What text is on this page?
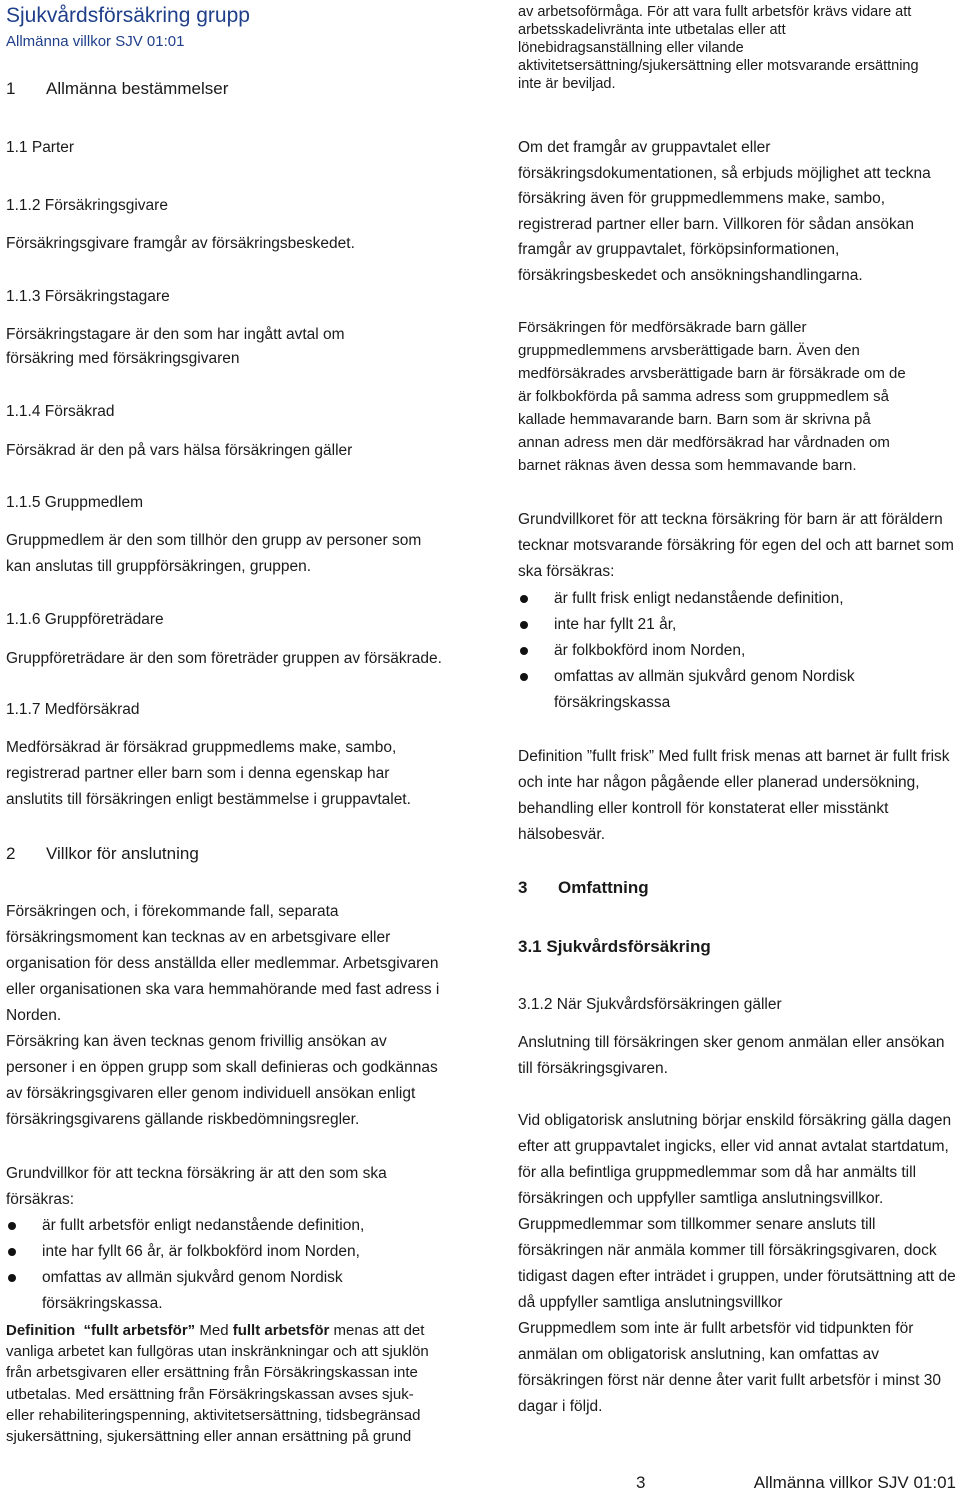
Sjukvårdsförsäkring grupp
Allmänna villkor SJV 01:01
1 Allmänna bestämmelser
1.1 Parter
1.1.2 Försäkringsgivare
Försäkringsgivare framgår av försäkringsbeskedet.
1.1.3 Försäkringstagare
Försäkringstagare är den som har ingått avtal om
försäkring med försäkringsgivaren
1.1.4 Försäkrad
Försäkrad är den på vars hälsa försäkringen gäller
1.1.5 Gruppmedlem
Gruppmedlem är den som tillhör den grupp av personer som
kan anslutas till gruppförsäkringen, gruppen.
1.1.6 Gruppföreträdare
Gruppföreträdare är den som företräder gruppen av försäkrade.
1.1.7 Medförsäkrad
Medförsäkrad är försäkrad gruppmedlems make, sambo,
registrerad partner eller barn som i denna egenskap har
anslutits till försäkringen enligt bestämmelse i gruppavtalet.
2 Villkor för anslutning
Försäkringen och, i förekommande fall, separata
försäkringsmoment kan tecknas av en arbetsgivare eller
organisation för dess anställda eller medlemmar. Arbetsgivaren
eller organisationen ska vara hemmahörande med fast adress i
Norden.
Försäkring kan även tecknas genom frivillig ansökan av
personer i en öppen grupp som skall definieras och godkännas
av försäkringsgivaren eller genom individuell ansökan enligt
försäkringsgivarens gällande riskbedömningsregler.
Grundvillkor för att teckna försäkring är att den som ska
försäkras:
är fullt arbetsför enligt nedanstående definition,
inte har fyllt 66 år, är folkbokförd inom Norden,
omfattas av allmän sjukvård genom Nordisk
försäkringskassa.
Definition “fullt arbetsför” Med fullt arbetsför menas att det
vanliga arbetet kan fullgöras utan inskränkningar och att sjuklön
från arbetsgivaren eller ersättning från Försäkringskassan inte
utbetalas. Med ersättning från Försäkringskassan avses sjuk-
eller rehabiliteringspenning, aktivitetsersättning, tidsbegränsad
sjukersättning, sjukersättning eller annan ersättning på grund
av arbetsoförmåga. För att vara fullt arbetsför krävs vidare att
arbetsskadelivränta inte utbetalas eller att
lönebidragsanställning eller vilande
aktivitetsersättning/sjukersättning eller motsvarande ersättning
inte är beviljad.
Om det framgår av gruppavtalet eller
försäkringsdokumentationen, så erbjuds möjlighet att teckna
försäkring även för gruppmedlemmens make, sambo,
registrerad partner eller barn. Villkoren för sådan ansökan
framgår av gruppavtalet, förköpsinformationen,
försäkringsbeskedet och ansökningshandlingarna.
Försäkringen för medförsäkrade barn gäller
gruppmedlemmens arvsberättigade barn. Även den
medförsäkrades arvsberättigade barn är försäkrade om de
är folkbokförda på samma adress som gruppmedlem så
kallade hemmavarande barn. Barn som är skrivna på
annan adress men där medförsäkrad har vårdnaden om
barnet räknas även dessa som hemmavande barn.
Grundvillkoret för att teckna försäkring för barn är att föräldern
tecknar motsvarande försäkring för egen del och att barnet som
ska försäkras:
är fullt frisk enligt nedanstående definition,
inte har fyllt 21 år,
är folkbokförd inom Norden,
omfattas av allmän sjukvård genom Nordisk
försäkringskassa
Definition ”fullt frisk” Med fullt frisk menas att barnet är fullt frisk
och inte har någon pågående eller planerad undersökning,
behandling eller kontroll för konstaterat eller misstänkt
hälsobesvär.
3 Omfattning
3.1 Sjukvårdsförsäkring
3.1.2 När Sjukvårdsförsäkringen gäller
Anslutning till försäkringen sker genom anmälan eller ansökan
till försäkringsgivaren.
Vid obligatorisk anslutning börjar enskild försäkring gälla dagen
efter att gruppavtalet ingicks, eller vid annat avtalat startdatum,
för alla befintliga gruppmedlemmar som då har anmälts till
försäkringen och uppfyller samtliga anslutningsvillkor.
Gruppmedlemmar som tillkommer senare ansluts till
försäkringen när anmäla kommer till försäkringsgivaren, dock
tidigast dagen efter inträdet i gruppen, under förutsättning att de
då uppfyller samtliga anslutningsvillkor
Gruppmedlem som inte är fullt arbetsför vid tidpunkten för
anmälan om obligatorisk anslutning, kan omfattas av
försäkringen först när denne åter varit fullt arbetsför i minst 30
dagar i följd.
3	Allmänna villkor SJV 01:01
